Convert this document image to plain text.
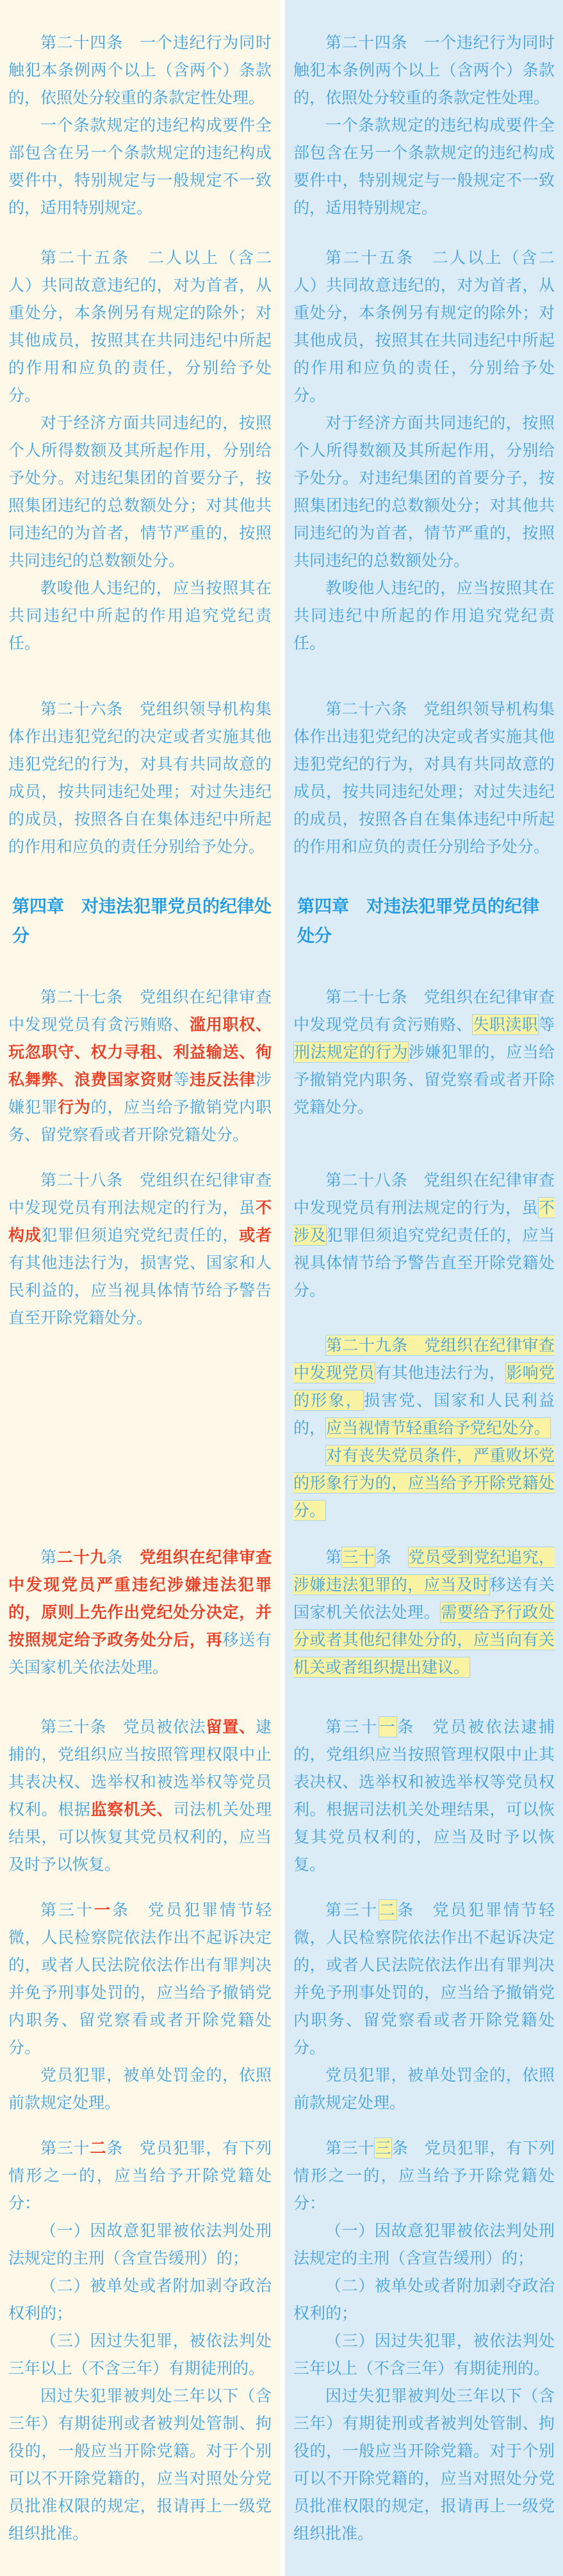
第二十四条　一个违纪行为同时触犯本条例两个以上（含两个）条款的，依照处分较重的条款定性处理。

第二十四条　一个违纪行为同时触犯本条例两个以上（含两个）条款的，依照处分较重的条款定性处理。

一个条款规定的违纪构成要件全部包含在另一个条款规定的违纪构成要件中，特别规定与一般规定不一致的，适用特别规定。

一个条款规定的违纪构成要件全部包含在另一个条款规定的违纪构成要件中，特别规定与一般规定不一致的，适用特别规定。

第二十五条　二人以上（含二人）共同故意违纪的，对为首者，从重处分，本条例另有规定的除外；对其他成员，按照其在共同违纪中所起的作用和应负的责任，分别给予处分。

第二十五条　二人以上（含二人）共同故意违纪的，对为首者，从重处分，本条例另有规定的除外；对其他成员，按照其在共同违纪中所起的作用和应负的责任，分别给予处分。

对于经济方面共同违纪的，按照个人所得数额及其所起作用，分别给予处分。对违纪集团的首要分子，按照集团违纪的总数额处分；对其他共同违纪的为首者，情节严重的，按照共同违纪的总数额处分。

对于经济方面共同违纪的，按照个人所得数额及其所起作用，分别给予处分。对违纪集团的首要分子，按照集团违纪的总数额处分；对其他共同违纪的为首者，情节严重的，按照共同违纪的总数额处分。

教唆他人违纪的，应当按照其在共同违纪中所起的作用追究党纪责任。

教唆他人违纪的，应当按照其在共同违纪中所起的作用追究党纪责任。

第二十六条　党组织领导机构集体作出违犯党纪的决定或者实施其他违犯党纪的行为，对具有共同故意的成员，按共同违纪处理；对过失违纪的成员，按照各自在集体违纪中所起的作用和应负的责任分别给予处分。

第二十六条　党组织领导机构集体作出违犯党纪的决定或者实施其他违犯党纪的行为，对具有共同故意的成员，按共同违纪处理；对过失违纪的成员，按照各自在集体违纪中所起的作用和应负的责任分别给予处分。

第四章　对违法犯罪党员的纪律处分

第四章　对违法犯罪党员的纪律处分

第二十七条　党组织在纪律审查中发现党员有贪污贿赂、滥用职权、玩忽职守、权力寻租、利益输送、徇私舞弊、浪费国家资财等违反法律涉嫌犯罪行为的，应当给予撤销党内职务、留党察看或者开除党籍处分。

第二十七条　党组织在纪律审查中发现党员有贪污贿赂、失职渎职等刑法规定的行为涉嫌犯罪的，应当给予撤销党内职务、留党察看或者开除党籍处分。

第二十八条　党组织在纪律审查中发现党员有刑法规定的行为，虽不构成犯罪但须追究党纪责任的，或者有其他违法行为，损害党、国家和人民利益的，应当视具体情节给予警告直至开除党籍处分。

第二十八条　党组织在纪律审查中发现党员有刑法规定的行为，虽不涉及犯罪但须追究党纪责任的，应当视具体情节给予警告直至开除党籍处分。

第二十九条　党组织在纪律审查中发现党员有其他违法行为，影响党的形象，损害党、国家和人民利益的，应当视情节轻重给予党纪处分。

对有丧失党员条件，严重败坏党的形象行为的，应当给予开除党籍处分。

第二十九条　党组织在纪律审查中发现党员严重违纪涉嫌违法犯罪的，原则上先作出党纪处分决定，并按照规定给予政务处分后，再移送有关国家机关依法处理。

第三十条　党员受到党纪追究，涉嫌违法犯罪的，应当及时移送有关国家机关依法处理。需要给予行政处分或者其他纪律处分的，应当向有关机关或者组织提出建议。

第三十条　党员被依法留置、逮捕的，党组织应当按照管理权限中止其表决权、选举权和被选举权等党员权利。根据监察机关、司法机关处理结果，可以恢复其党员权利的，应当及时予以恢复。

第三十一条　党员被依法逮捕的，党组织应当按照管理权限中止其表决权、选举权和被选举权等党员权利。根据司法机关处理结果，可以恢复其党员权利的，应当及时予以恢复。

第三十一条　党员犯罪情节轻微，人民检察院依法作出不起诉决定的，或者人民法院依法作出有罪判决并免予刑事处罚的，应当给予撤销党内职务、留党察看或者开除党籍处分。

第三十二条　党员犯罪情节轻微，人民检察院依法作出不起诉决定的，或者人民法院依法作出有罪判决并免予刑事处罚的，应当给予撤销党内职务、留党察看或者开除党籍处分。

党员犯罪，被单处罚金的，依照前款规定处理。

党员犯罪，被单处罚金的，依照前款规定处理。

第三十二条　党员犯罪，有下列情形之一的，应当给予开除党籍处分：

第三十三条　党员犯罪，有下列情形之一的，应当给予开除党籍处分：

（一）因故意犯罪被依法判处刑法规定的主刑（含宣告缓刑）的；

（一）因故意犯罪被依法判处刑法规定的主刑（含宣告缓刑）的；

（二）被单处或者附加剥夺政治权利的；

（二）被单处或者附加剥夺政治权利的；

（三）因过失犯罪，被依法判处三年以上（不含三年）有期徒刑的。

（三）因过失犯罪，被依法判处三年以上（不含三年）有期徒刑的。

因过失犯罪被判处三年以下（含三年）有期徒刑或者被判处管制、拘役的，一般应当开除党籍。对于个别可以不开除党籍的，应当对照处分党员批准权限的规定，报请再上一级党组织批准。

因过失犯罪被判处三年以下（含三年）有期徒刑或者被判处管制、拘役的，一般应当开除党籍。对于个别可以不开除党籍的，应当对照处分党员批准权限的规定，报请再上一级党组织批准。
